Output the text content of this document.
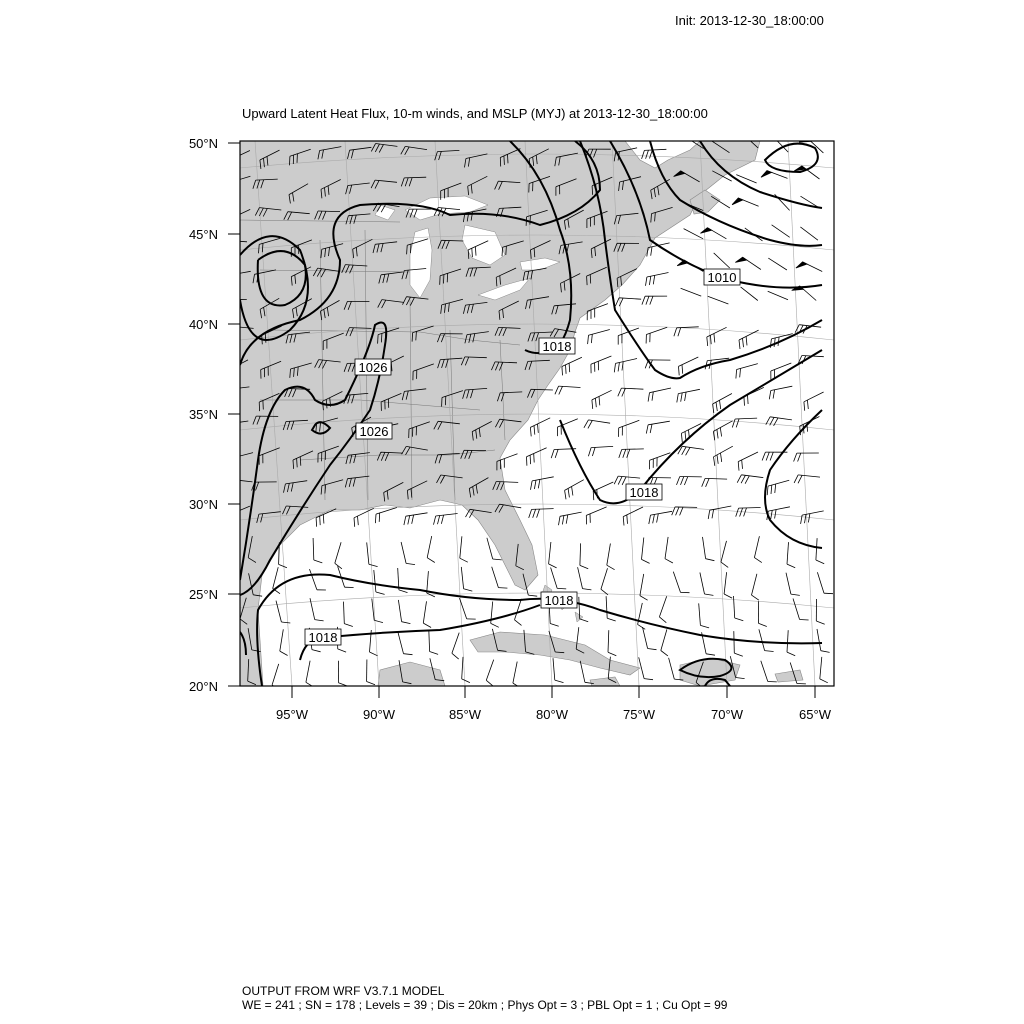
Init: 2013-12-30_18:00:00
Upward Latent Heat Flux, 10-m winds, and MSLP (MYJ) at 2013-12-30_18:00:00
50°N
45°N
40°N
35°N
30°N
25°N
20°N
95°W	90°W	85°W	80°W	75°W	70°W	65°W
1010
1018
1026
1026
1018
1018
1018
OUTPUT FROM WRF V3.7.1 MODEL
WE = 241 ; SN = 178 ; Levels = 39 ; Dis = 20km ; Phys Opt = 3 ; PBL Opt = 1 ; Cu Opt = 99
